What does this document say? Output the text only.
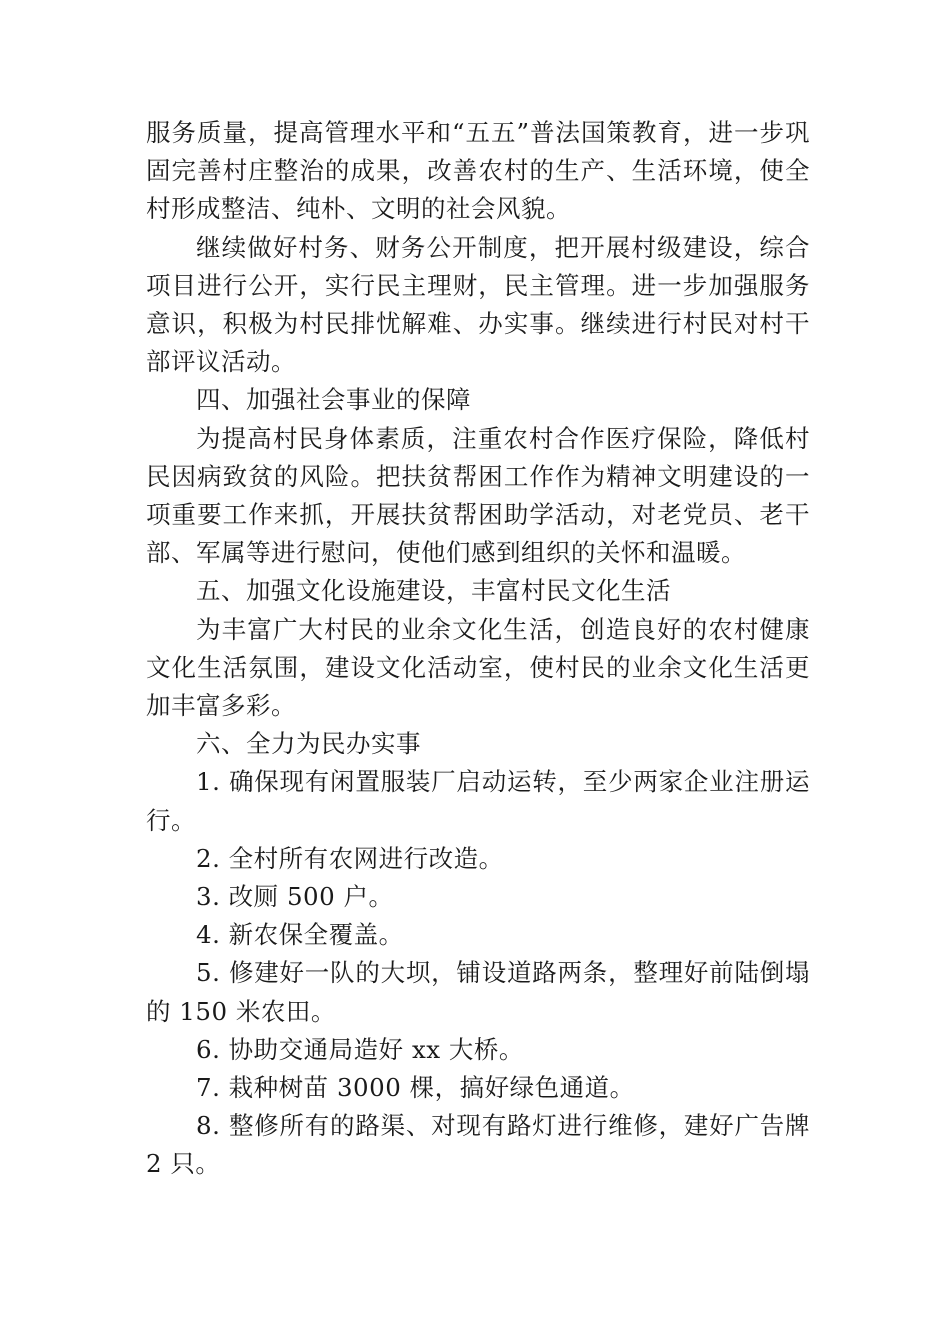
服务质量，提高管理水平和“五五”普法国策教育，进一步巩固完善村庄整治的成果，改善农村的生产、生活环境，使全村形成整洁、纯朴、文明的社会风貌。

继续做好村务、财务公开制度，把开展村级建设，综合项目进行公开，实行民主理财，民主管理。进一步加强服务意识，积极为村民排忧解难、办实事。继续进行村民对村干部评议活动。

四、加强社会事业的保障

为提高村民身体素质，注重农村合作医疗保险，降低村民因病致贫的风险。把扶贫帮困工作作为精神文明建设的一项重要工作来抓，开展扶贫帮困助学活动，对老党员、老干部、军属等进行慰问，使他们感到组织的关怀和温暖。

五、加强文化设施建设，丰富村民文化生活

为丰富广大村民的业余文化生活，创造良好的农村健康文化生活氛围，建设文化活动室，使村民的业余文化生活更加丰富多彩。

六、全力为民办实事

1. 确保现有闲置服装厂启动运转，至少两家企业注册运行。

2. 全村所有农网进行改造。

3. 改厕 500 户。

4. 新农保全覆盖。

5. 修建好一队的大坝，铺设道路两条，整理好前陆倒塌的 150 米农田。

6. 协助交通局造好 xx 大桥。

7. 栽种树苗 3000 棵，搞好绿色通道。

8. 整修所有的路渠、对现有路灯进行维修，建好广告牌 2 只。
